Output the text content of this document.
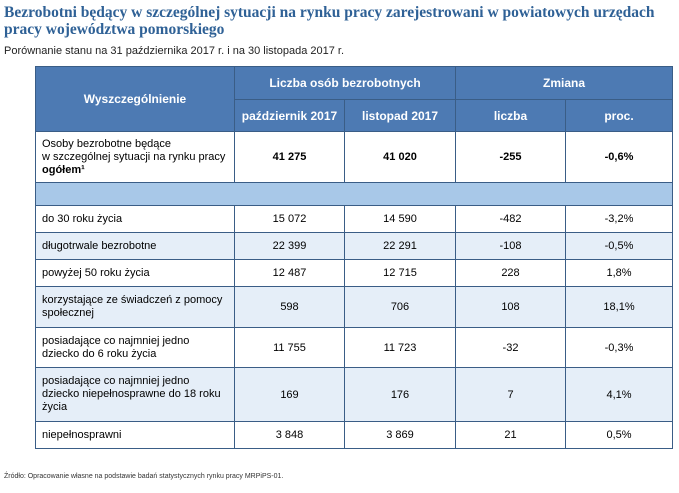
Bezrobotni będący w szczególnej sytuacji na rynku pracy zarejestrowani w powiatowych urzędach pracy województwa pomorskiego
Porównanie stanu na 31 października 2017 r. i na 30 listopada 2017 r.
Wyszczególnienie	Liczba osób bezrobotnych		Zmiana	
	październik 2017	listopad 2017	liczba	proc.
Osoby bezrobotne będące
w szczególnej sytuacji na rynku pracy
ogółem¹	41 275	41 020	-255	-0,6%

do 30 roku życia	15 072	14 590	-482	-3,2%
długotrwale bezrobotne	22 399	22 291	-108	-0,5%
powyżej 50 roku życia	12 487	12 715	228	1,8%
korzystające ze świadczeń z pomocy społecznej	598	706	108	18,1%
posiadające co najmniej jedno dziecko do 6 roku życia	11 755	11 723	-32	-0,3%
posiadające co najmniej jedno dziecko niepełnosprawne do 18 roku życia	169	176	7	4,1%
niepełnosprawni	3 848	3 869	21	0,5%
Źródło: Opracowanie własne na podstawie badań statystycznych rynku pracy MRPiPS-01.
